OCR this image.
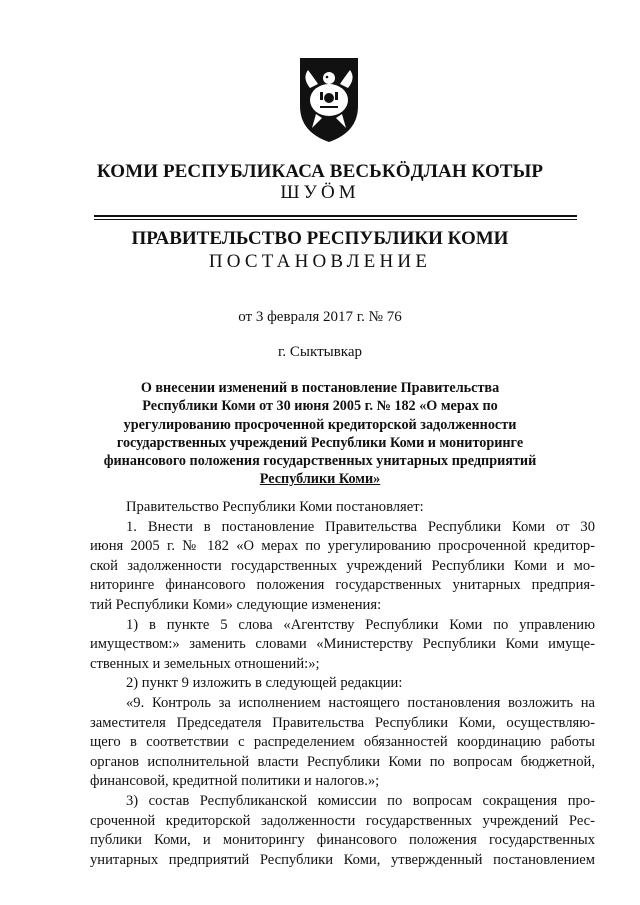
КОМИ РЕСПУБЛИКАСА ВЕСЬКӦДЛАН КОТЫР
ШУӦМ
ПРАВИТЕЛЬСТВО РЕСПУБЛИКИ КОМИ
ПОСТАНОВЛЕНИЕ
от 3 февраля 2017 г. № 76
г. Сыктывкар
О внесении изменений в постановление Правительства
Республики Коми от 30 июня 2005 г. № 182 «О мерах по
урегулированию просроченной кредиторской задолженности
государственных учреждений Республики Коми и мониторинге
финансового положения государственных унитарных предприятий
Республики Коми»
Правительство Республики Коми постановляет:
1. Внести в постановление Правительства Республики Коми от 30
июня 2005 г. № 182 «О мерах по урегулированию просроченной кредитор-
ской задолженности государственных учреждений Республики Коми и мо-
ниторинге финансового положения государственных унитарных предприя-
тий Республики Коми» следующие изменения:
1) в пункте 5 слова «Агентству Республики Коми по управлению
имуществом:» заменить словами «Министерству Республики Коми имуще-
ственных и земельных отношений:»;
2) пункт 9 изложить в следующей редакции:
«9. Контроль за исполнением настоящего постановления возложить на
заместителя Председателя Правительства Республики Коми, осуществляю-
щего в соответствии с распределением обязанностей координацию работы
органов исполнительной власти Республики Коми по вопросам бюджетной,
финансовой, кредитной политики и налогов.»;
3) состав Республиканской комиссии по вопросам сокращения про-
сроченной кредиторской задолженности государственных учреждений Рес-
публики Коми, и мониторингу финансового положения государственных
унитарных предприятий Республики Коми, утвержденный постановлением
